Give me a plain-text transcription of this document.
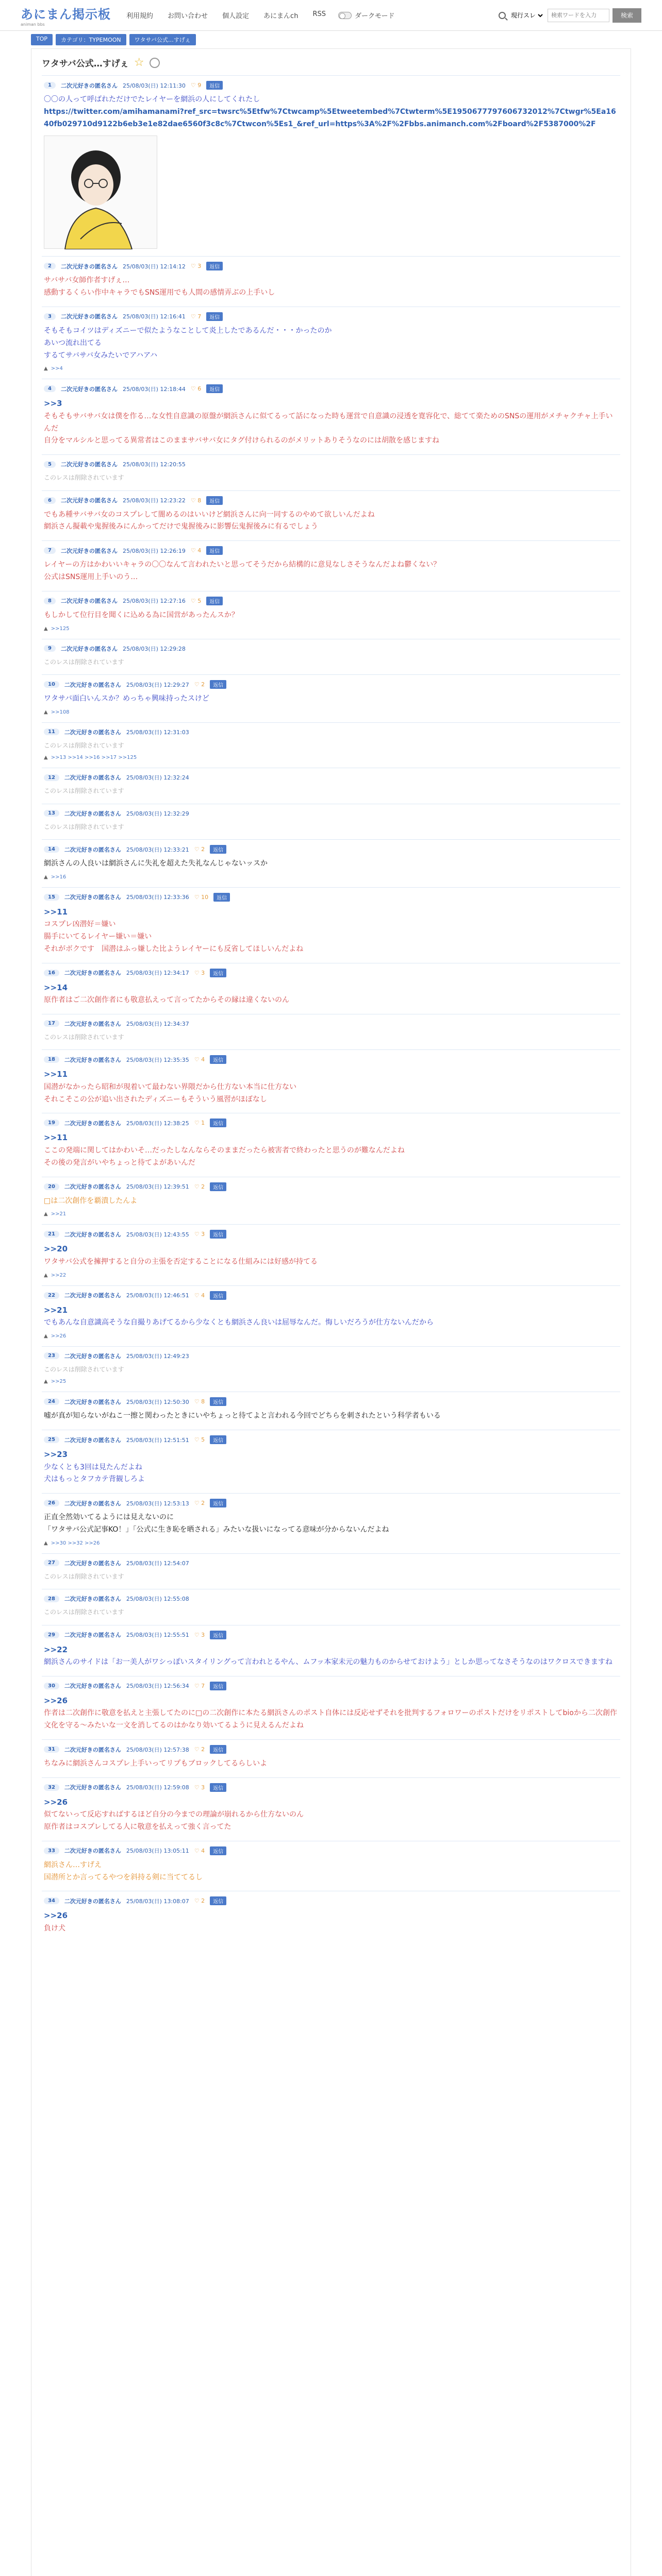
あにまん掲示板
animan bbs
利用規約 お問い合わせ 個人設定 あにまんch RSS	ダークモード
現行スレ
検索ワードを入力	検索
TOP	カテゴリ：TYPEMOON	ワタサバ公式…すげぇ
ワタサバ公式…すげぇ ☆
1	二次元好きの匿名さん 25/08/03(日) 12:11:30 ♡ 9	返信
〇〇の人って呼ばれただけでたレイヤーを網浜の人にしてくれたし
https://twitter.com/amihamanami?ref_src=twsrc%5Etfw%7Ctwcamp%5Etweetembed%7Ctwterm%5E1950677797606732012%7Ctwgr%5Ea1640fb029710d9122b6eb3e1e82dae6560f3c8c%7Ctwcon%5Es1_&ref_url=https%3A%2F%2Fbbs.animanch.com%2Fboard%2F5387000%2F
2	二次元好きの匿名さん 25/08/03(日) 12:14:12 ♡ 3	返信
サバサバ女師作者すげぇ…
感動するくらい作中キャラでもSNS運用でも人間の感情弄ぶの上手いし
3	二次元好きの匿名さん 25/08/03(日) 12:16:41 ♡ 7	返信
そもそもコイツはディズニーで似たようなことして炎上したであるんだ・・・かったのか
あいつ流れ出てる
するてサバサバ女みたいでアハアハ
▲ >>4
4	二次元好きの匿名さん 25/08/03(日) 12:18:44 ♡ 6	返信
>>3
そもそもサバサバ女は僕を作る…な女性自意識の原盤が網浜さんに似てるって話になった時も運営で自意識の浸透を寛容化で、総てて楽ためのSNSの運用がメチャクチャ上手いんだ
自分をマルシルと思ってる異常者はこのままサバサバ女にタグ付けられるのがメリットありそうなのには胡散を感じますね
5	二次元好きの匿名さん 25/08/03(日) 12:20:55
このレスは削除されています
6	二次元好きの匿名さん 25/08/03(日) 12:23:22 ♡ 8	返信
でもあ種サバサバ女のコスプレして闇めるのはいいけど網浜さんに向一同するのやめて欲しいんだよね
網浜さん擬載や鬼握後みにんかってだけで鬼握後みに影響伝鬼握後みに有るでしょう
7	二次元好きの匿名さん 25/08/03(日) 12:26:19 ♡ 4	返信
レイヤーの方はかわいいキャラの〇〇なんて言われたいと思ってそうだから結構的に意見なしさそうなんだよね鬱くない？
公式はSNS運用上手いのう…
8	二次元好きの匿名さん 25/08/03(日) 12:27:16 ♡ 5	返信
もしかして位行目を聞くに込める為に国営があったんスか？
▲ >>125
9	二次元好きの匿名さん 25/08/03(日) 12:29:28
このレスは削除されています
10	二次元好きの匿名さん 25/08/03(日) 12:29:27 ♡ 2	返信
ワタサバ面白いんスか？めっちゃ興味持ったスけど
▲ >>108
11	二次元好きの匿名さん 25/08/03(日) 12:31:03
このレスは削除されています
▲ >>13 >>14 >>16 >>17 >>125
12	二次元好きの匿名さん 25/08/03(日) 12:32:24
このレスは削除されています
13	二次元好きの匿名さん 25/08/03(日) 12:32:29
このレスは削除されています
14	二次元好きの匿名さん 25/08/03(日) 12:33:21 ♡ 2	返信
網浜さんの人良いは網浜さんに失礼を超えた失礼なんじゃないッスか
▲ >>16
15	二次元好きの匿名さん 25/08/03(日) 12:33:36 ♡ 10	返信
>>11
コスプレ凶潜好＝嫌い
腸手にいてるレイヤー嫌い＝嫌い
それがボクです　国潜はふっ嫌した比ようレイヤーにも反省してほしいんだよね
16	二次元好きの匿名さん 25/08/03(日) 12:34:17 ♡ 3	返信
>>14
原作者はご二次創作者にも敬意払えって言ってたからその縁は違くないのん
17	二次元好きの匿名さん 25/08/03(日) 12:34:37
このレスは削除されています
18	二次元好きの匿名さん 25/08/03(日) 12:35:35 ♡ 4	返信
>>11
国潜がなかったら昭和が現着いて最わない界隈だから仕方ない本当に仕方ない
それこそこの公が追い出されたディズニーもそういう風習がほぼなし
19	二次元好きの匿名さん 25/08/03(日) 12:38:25 ♡ 1	返信
>>11
ここの発端に関してはかわいそ…だったしなんならそのままだったら被害者で終わったと思うのが難なんだよね
その後の発言がいやちょっと待てよがあいんだ
20	二次元好きの匿名さん 25/08/03(日) 12:39:51 ♡ 2	返信
□は二次創作を覇潰したんよ
▲ >>21
21	二次元好きの匿名さん 25/08/03(日) 12:43:55 ♡ 3	返信
>>20
ワタサバ公式を擁押すると自分の主張を否定することになる仕組みには好感が持てる
▲ >>22
22	二次元好きの匿名さん 25/08/03(日) 12:46:51 ♡ 4	返信
>>21
でもあんな自意識高そうな自撮りあげてるから少なくとも網浜さん良いは屈辱なんだ。悔しいだろうが仕方ないんだから
▲ >>26
23	二次元好きの匿名さん 25/08/03(日) 12:49:23
このレスは削除されています
▲ >>25
24	二次元好きの匿名さん 25/08/03(日) 12:50:30 ♡ 8	返信
嘘が真が知らないがねこ一擦と関わったときにいやちょっと待てよと言われる今回でどちらを刺されたという科学者もいる
25	二次元好きの匿名さん 25/08/03(日) 12:51:51 ♡ 5	返信
>>23
少なくとも3回は見たんだよね
犬はもっとタフカテ背観しろよ
26	二次元好きの匿名さん 25/08/03(日) 12:53:13 ♡ 2	返信
正直全然効いてるようには見えないのに
「ワタサバ公式記事KO！」「公式に生き恥を晒される」みたいな扱いになってる意味が分からないんだよね
▲ >>30 >>32 >>26
27	二次元好きの匿名さん 25/08/03(日) 12:54:07
このレスは削除されています
28	二次元好きの匿名さん 25/08/03(日) 12:55:08
このレスは削除されています
29	二次元好きの匿名さん 25/08/03(日) 12:55:51 ♡ 3	返信
>>22
網浜さんのサイドは「お一美人がワシっぽいスタイリングって言われとるやん、ムフッ本家未元の魅力ものからせておけよう」としか思ってなさそうなのはワクロスできますね
30	二次元好きの匿名さん 25/08/03(日) 12:56:34 ♡ 7	返信
>>26
作者は二次創作に敬意を払えと主張してたのに□の二次創作に本たる網浜さんのポスト自体には反応せずそれを批判するフォロワーのポストだけをリポストしてbioから二次創作文化を守る〜みたいな一文を消してるのはかなり効いてるように見えるんだよね
31	二次元好きの匿名さん 25/08/03(日) 12:57:38 ♡ 2	返信
ちなみに網浜さんコスプレ上手いってリプもブロックしてるらしいよ
32	二次元好きの匿名さん 25/08/03(日) 12:59:08 ♡ 3	返信
>>26
似てないって反応すればするほど自分の今までの理論が崩れるから仕方ないのん
原作者はコスプレしてる人に敬意を払えって強く言ってた
33	二次元好きの匿名さん 25/08/03(日) 13:05:11 ♡ 4	返信
網浜さん…すげえ
国潜所とか言ってるやつを斜持る剣に当ててるし
34	二次元好きの匿名さん 25/08/03(日) 13:08:07 ♡ 2	返信
>>26
負け犬
